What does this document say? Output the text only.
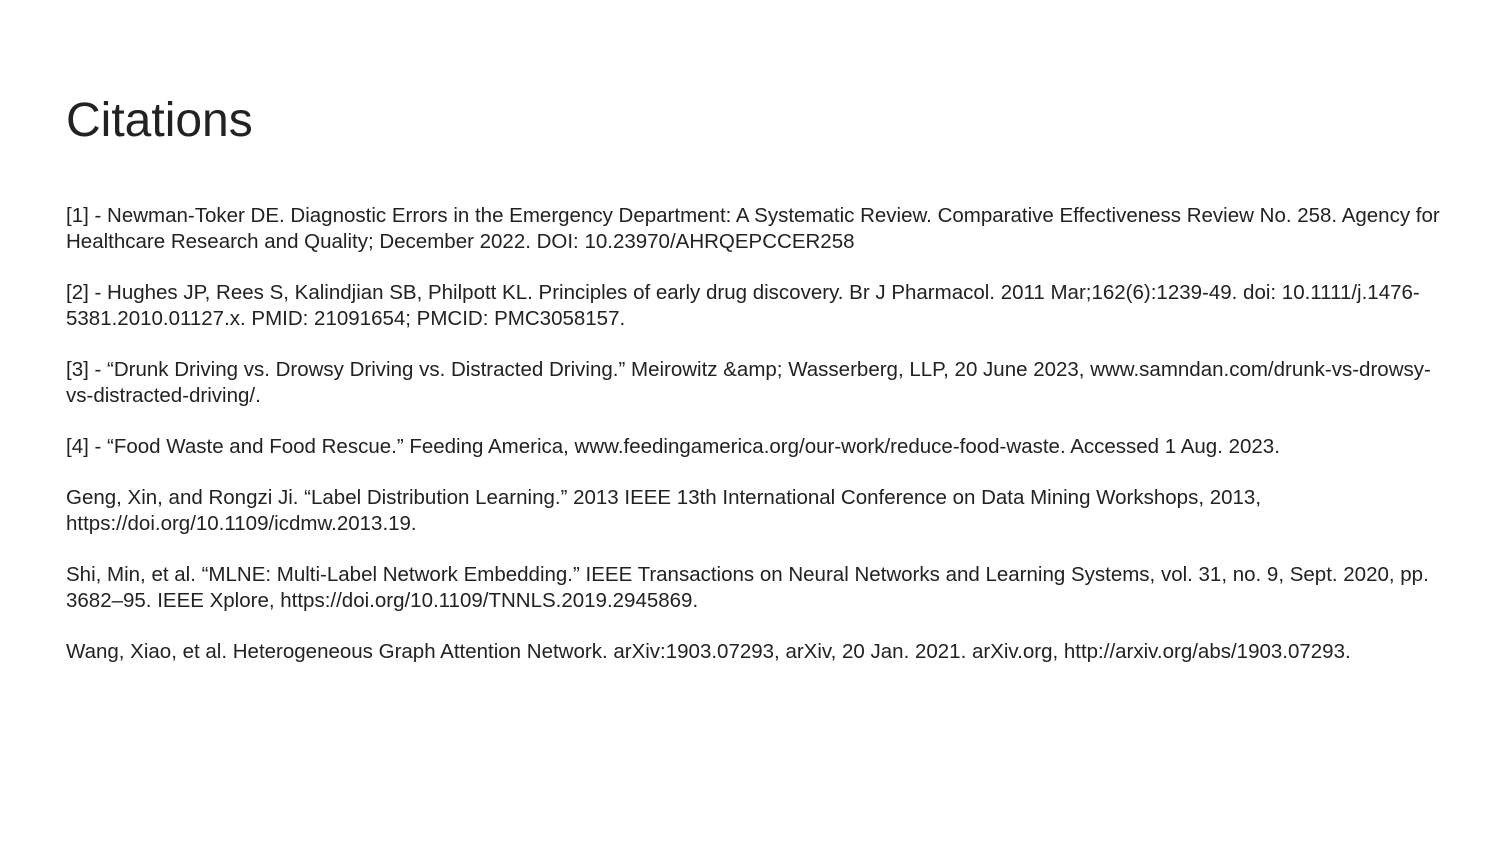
Citations
[1] - Newman-Toker DE. Diagnostic Errors in the Emergency Department: A Systematic Review. Comparative Effectiveness Review No. 258. Agency for Healthcare Research and Quality; December 2022. DOI: 10.23970/AHRQEPCCER258
[2] - Hughes JP, Rees S, Kalindjian SB, Philpott KL. Principles of early drug discovery. Br J Pharmacol. 2011 Mar;162(6):1239-49. doi: 10.1111/j.1476-5381.2010.01127.x. PMID: 21091654; PMCID: PMC3058157.
[3] - “Drunk Driving vs. Drowsy Driving vs. Distracted Driving.” Meirowitz &amp; Wasserberg, LLP, 20 June 2023, www.samndan.com/drunk-vs-drowsy-vs-distracted-driving/.
[4] - “Food Waste and Food Rescue.” Feeding America, www.feedingamerica.org/our-work/reduce-food-waste. Accessed 1 Aug. 2023.
Geng, Xin, and Rongzi Ji. “Label Distribution Learning.” 2013 IEEE 13th International Conference on Data Mining Workshops, 2013, https://doi.org/10.1109/icdmw.2013.19.
Shi, Min, et al. “MLNE: Multi-Label Network Embedding.” IEEE Transactions on Neural Networks and Learning Systems, vol. 31, no. 9, Sept. 2020, pp. 3682–95. IEEE Xplore, https://doi.org/10.1109/TNNLS.2019.2945869.
Wang, Xiao, et al. Heterogeneous Graph Attention Network. arXiv:1903.07293, arXiv, 20 Jan. 2021. arXiv.org, http://arxiv.org/abs/1903.07293.
